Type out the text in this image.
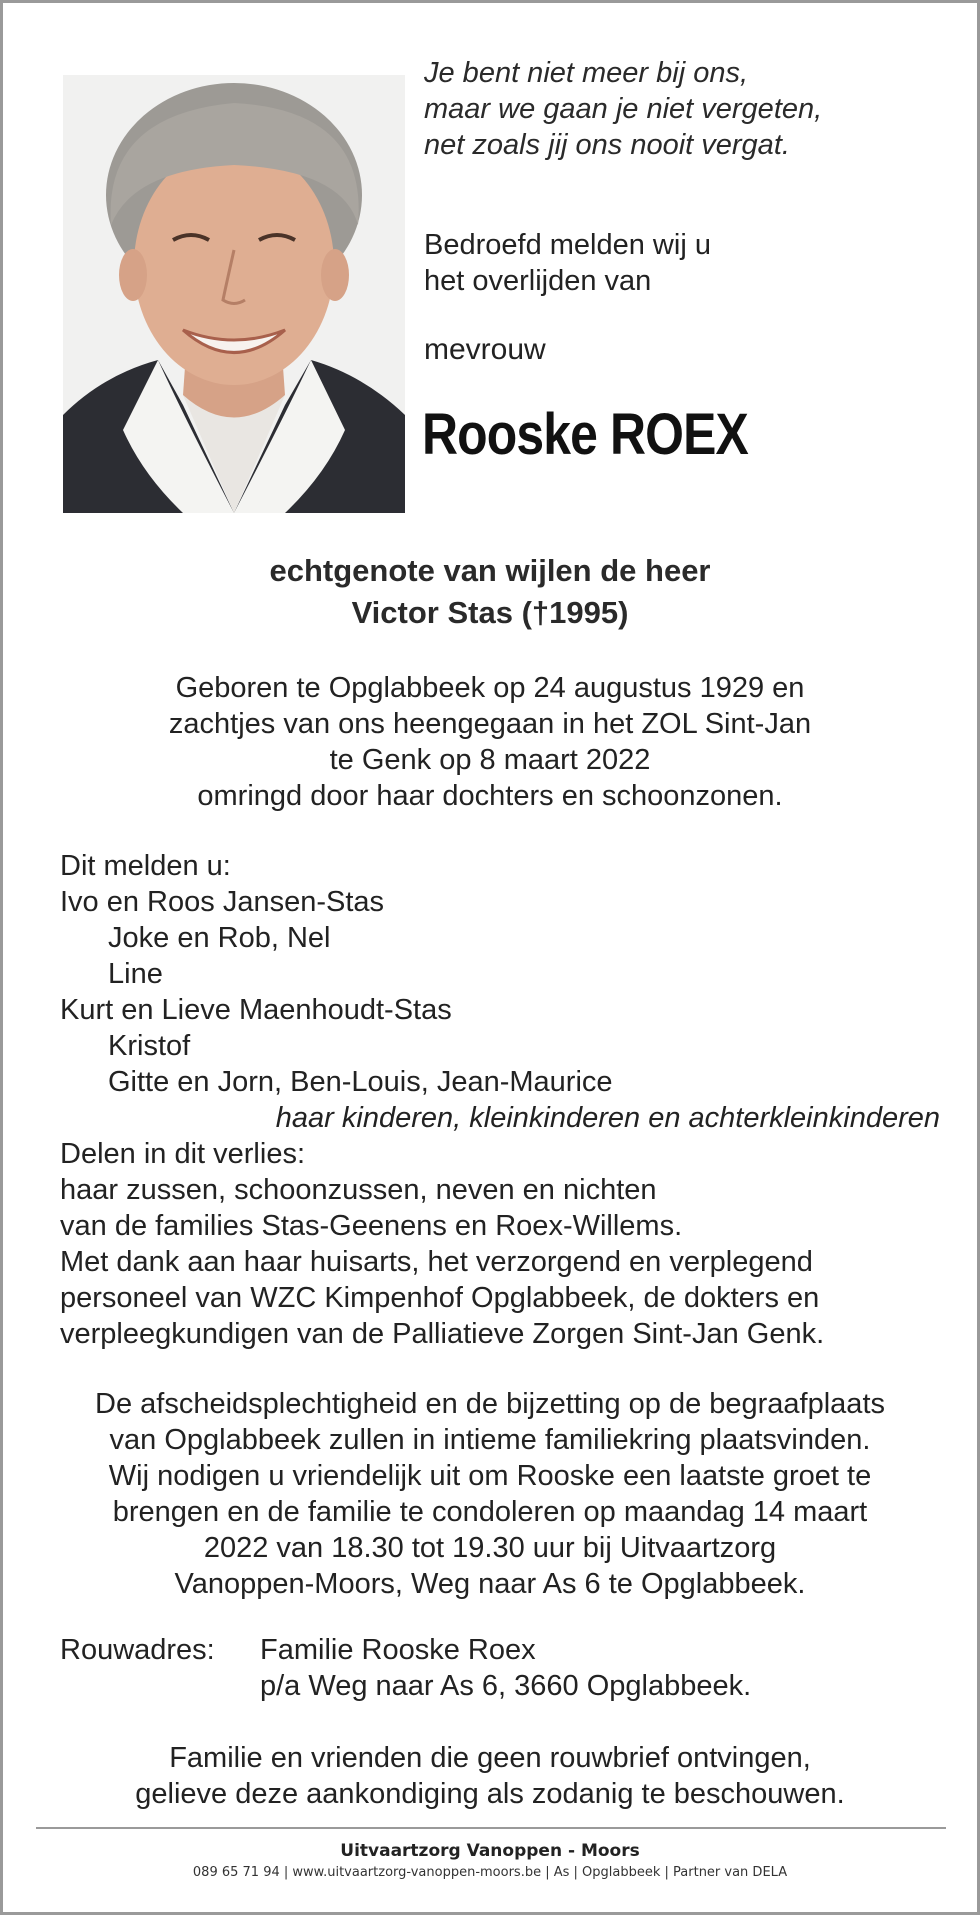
Je bent niet meer bij ons,
maar we gaan je niet vergeten,
net zoals jij ons nooit vergat.
Bedroefd melden wij u
het overlijden van
mevrouw
Rooske ROEX
echtgenote van wijlen de heer
Victor Stas (†1995)
Geboren te Opglabbeek op 24 augustus 1929 en
zachtjes van ons heengegaan in het ZOL Sint-Jan
te Genk op 8 maart 2022
omringd door haar dochters en schoonzonen.
Dit melden u:
Ivo en Roos Jansen-Stas
Joke en Rob, Nel
Line
Kurt en Lieve Maenhoudt-Stas
Kristof
Gitte en Jorn, Ben-Louis, Jean-Maurice
haar kinderen, kleinkinderen en achterkleinkinderen
Delen in dit verlies:
haar zussen, schoonzussen, neven en nichten
van de families Stas-Geenens en Roex-Willems.
Met dank aan haar huisarts, het verzorgend en verplegend
personeel van WZC Kimpenhof Opglabbeek, de dokters en
verpleegkundigen van de Palliatieve Zorgen Sint-Jan Genk.
De afscheidsplechtigheid en de bijzetting op de begraafplaats
van Opglabbeek zullen in intieme familiekring plaatsvinden.
Wij nodigen u vriendelijk uit om Rooske een laatste groet te
brengen en de familie te condoleren op maandag 14 maart
2022 van 18.30 tot 19.30 uur bij Uitvaartzorg
Vanoppen-Moors, Weg naar As 6 te Opglabbeek.
Rouwadres: Familie Rooske Roex
p/a Weg naar As 6, 3660 Opglabbeek.
Familie en vrienden die geen rouwbrief ontvingen,
gelieve deze aankondiging als zodanig te beschouwen.
Uitvaartzorg Vanoppen - Moors
089 65 71 94 | www.uitvaartzorg-vanoppen-moors.be | As | Opglabbeek | Partner van DELA
